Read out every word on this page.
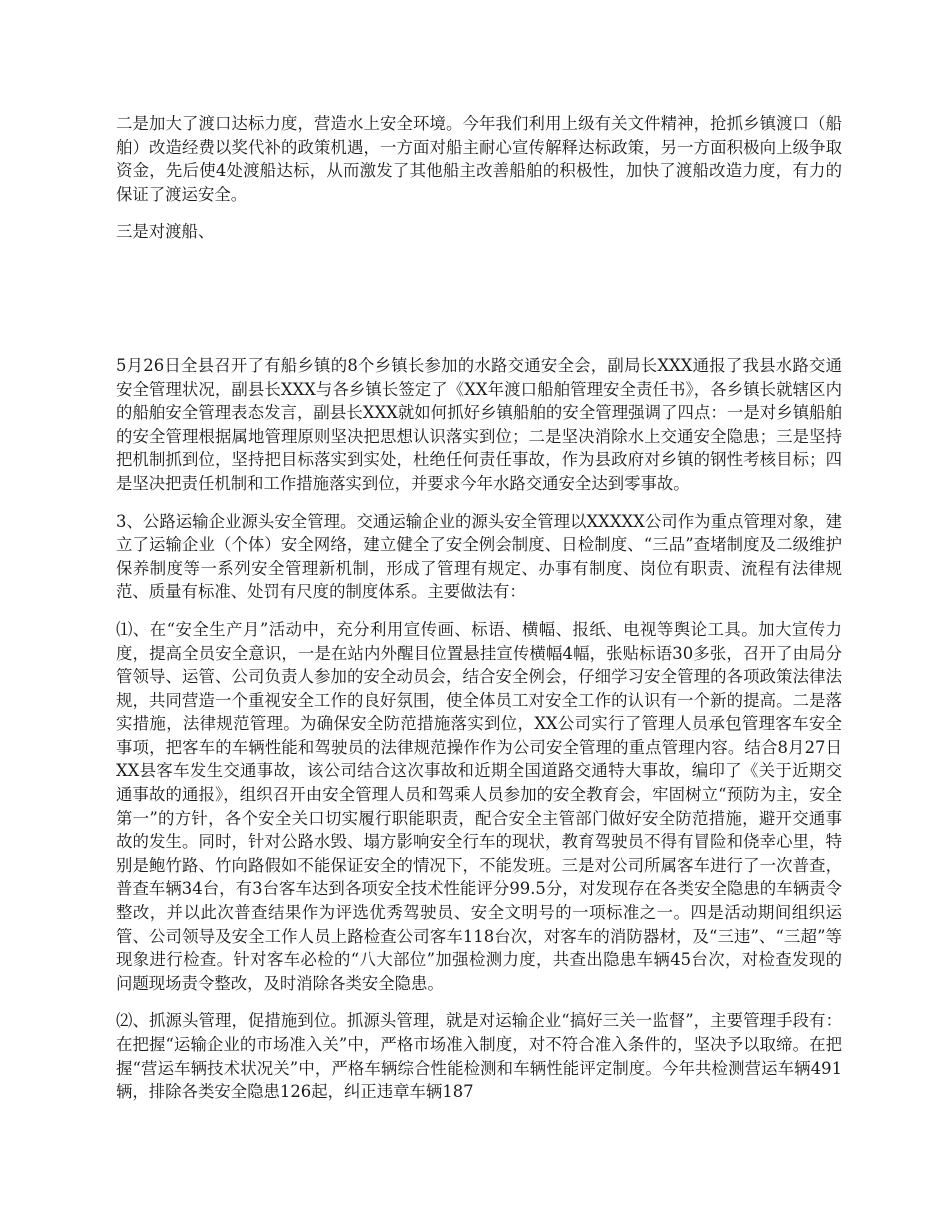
二是加大了渡口达标力度，营造水上安全环境。今年我们利用上级有关文件精神，抢抓乡镇渡口（船舶）改造经费以奖代补的政策机遇，一方面对船主耐心宣传解释达标政策，另一方面积极向上级争取资金，先后使4处渡船达标，从而激发了其他船主改善船舶的积极性，加快了渡船改造力度，有力的保证了渡运安全。

三是对渡船、

5月26日全县召开了有船乡镇的8个乡镇长参加的水路交通安全会，副局长XXX通报了我县水路交通安全管理状况，副县长XXX与各乡镇长签定了《XX年渡口船舶管理安全责任书》，各乡镇长就辖区内的船舶安全管理表态发言，副县长XXX就如何抓好乡镇船舶的安全管理强调了四点：一是对乡镇船舶的安全管理根据属地管理原则坚决把思想认识落实到位；二是坚决消除水上交通安全隐患；三是坚持把机制抓到位，坚持把目标落实到实处，杜绝任何责任事故，作为县政府对乡镇的钢性考核目标；四是坚决把责任机制和工作措施落实到位，并要求今年水路交通安全达到零事故。

3、公路运输企业源头安全管理。交通运输企业的源头安全管理以XXXXX公司作为重点管理对象，建立了运输企业（个体）安全网络，建立健全了安全例会制度、日检制度、“三品”查堵制度及二级维护保养制度等一系列安全管理新机制，形成了管理有规定、办事有制度、岗位有职责、流程有法律规范、质量有标准、处罚有尺度的制度体系。主要做法有：

⑴、在“安全生产月”活动中，充分利用宣传画、标语、横幅、报纸、电视等舆论工具。加大宣传力度，提高全员安全意识，一是在站内外醒目位置悬挂宣传横幅4幅，张贴标语30多张，召开了由局分管领导、运管、公司负责人参加的安全动员会，结合安全例会，仔细学习安全管理的各项政策法律法规，共同营造一个重视安全工作的良好氛围，使全体员工对安全工作的认识有一个新的提高。二是落实措施，法律规范管理。为确保安全防范措施落实到位，XX公司实行了管理人员承包管理客车安全事项，把客车的车辆性能和驾驶员的法律规范操作作为公司安全管理的重点管理内容。结合8月27日XX县客车发生交通事故，该公司结合这次事故和近期全国道路交通特大事故，编印了《关于近期交通事故的通报》，组织召开由安全管理人员和驾乘人员参加的安全教育会，牢固树立“预防为主，安全第一”的方针，各个安全关口切实履行职能职责，配合安全主管部门做好安全防范措施，避开交通事故的发生。同时，针对公路水毁、塌方影响安全行车的现状，教育驾驶员不得有冒险和侥幸心里，特别是鲍竹路、竹向路假如不能保证安全的情况下，不能发班。三是对公司所属客车进行了一次普查，普查车辆34台，有3台客车达到各项安全技术性能评分99.5分，对发现存在各类安全隐患的车辆责令整改，并以此次普查结果作为评选优秀驾驶员、安全文明号的一项标准之一。四是活动期间组织运管、公司领导及安全工作人员上路检查公司客车118台次，对客车的消防器材，及“三违”、“三超”等现象进行检查。针对客车必检的“八大部位”加强检测力度，共查出隐患车辆45台次，对检查发现的问题现场责令整改，及时消除各类安全隐患。

⑵、抓源头管理，促措施到位。抓源头管理，就是对运输企业“搞好三关一监督”，主要管理手段有：在把握“运输企业的市场准入关”中，严格市场准入制度，对不符合准入条件的，坚决予以取缔。在把握“营运车辆技术状况关”中，严格车辆综合性能检测和车辆性能评定制度。今年共检测营运车辆491辆，排除各类安全隐患126起，纠正违章车辆187
